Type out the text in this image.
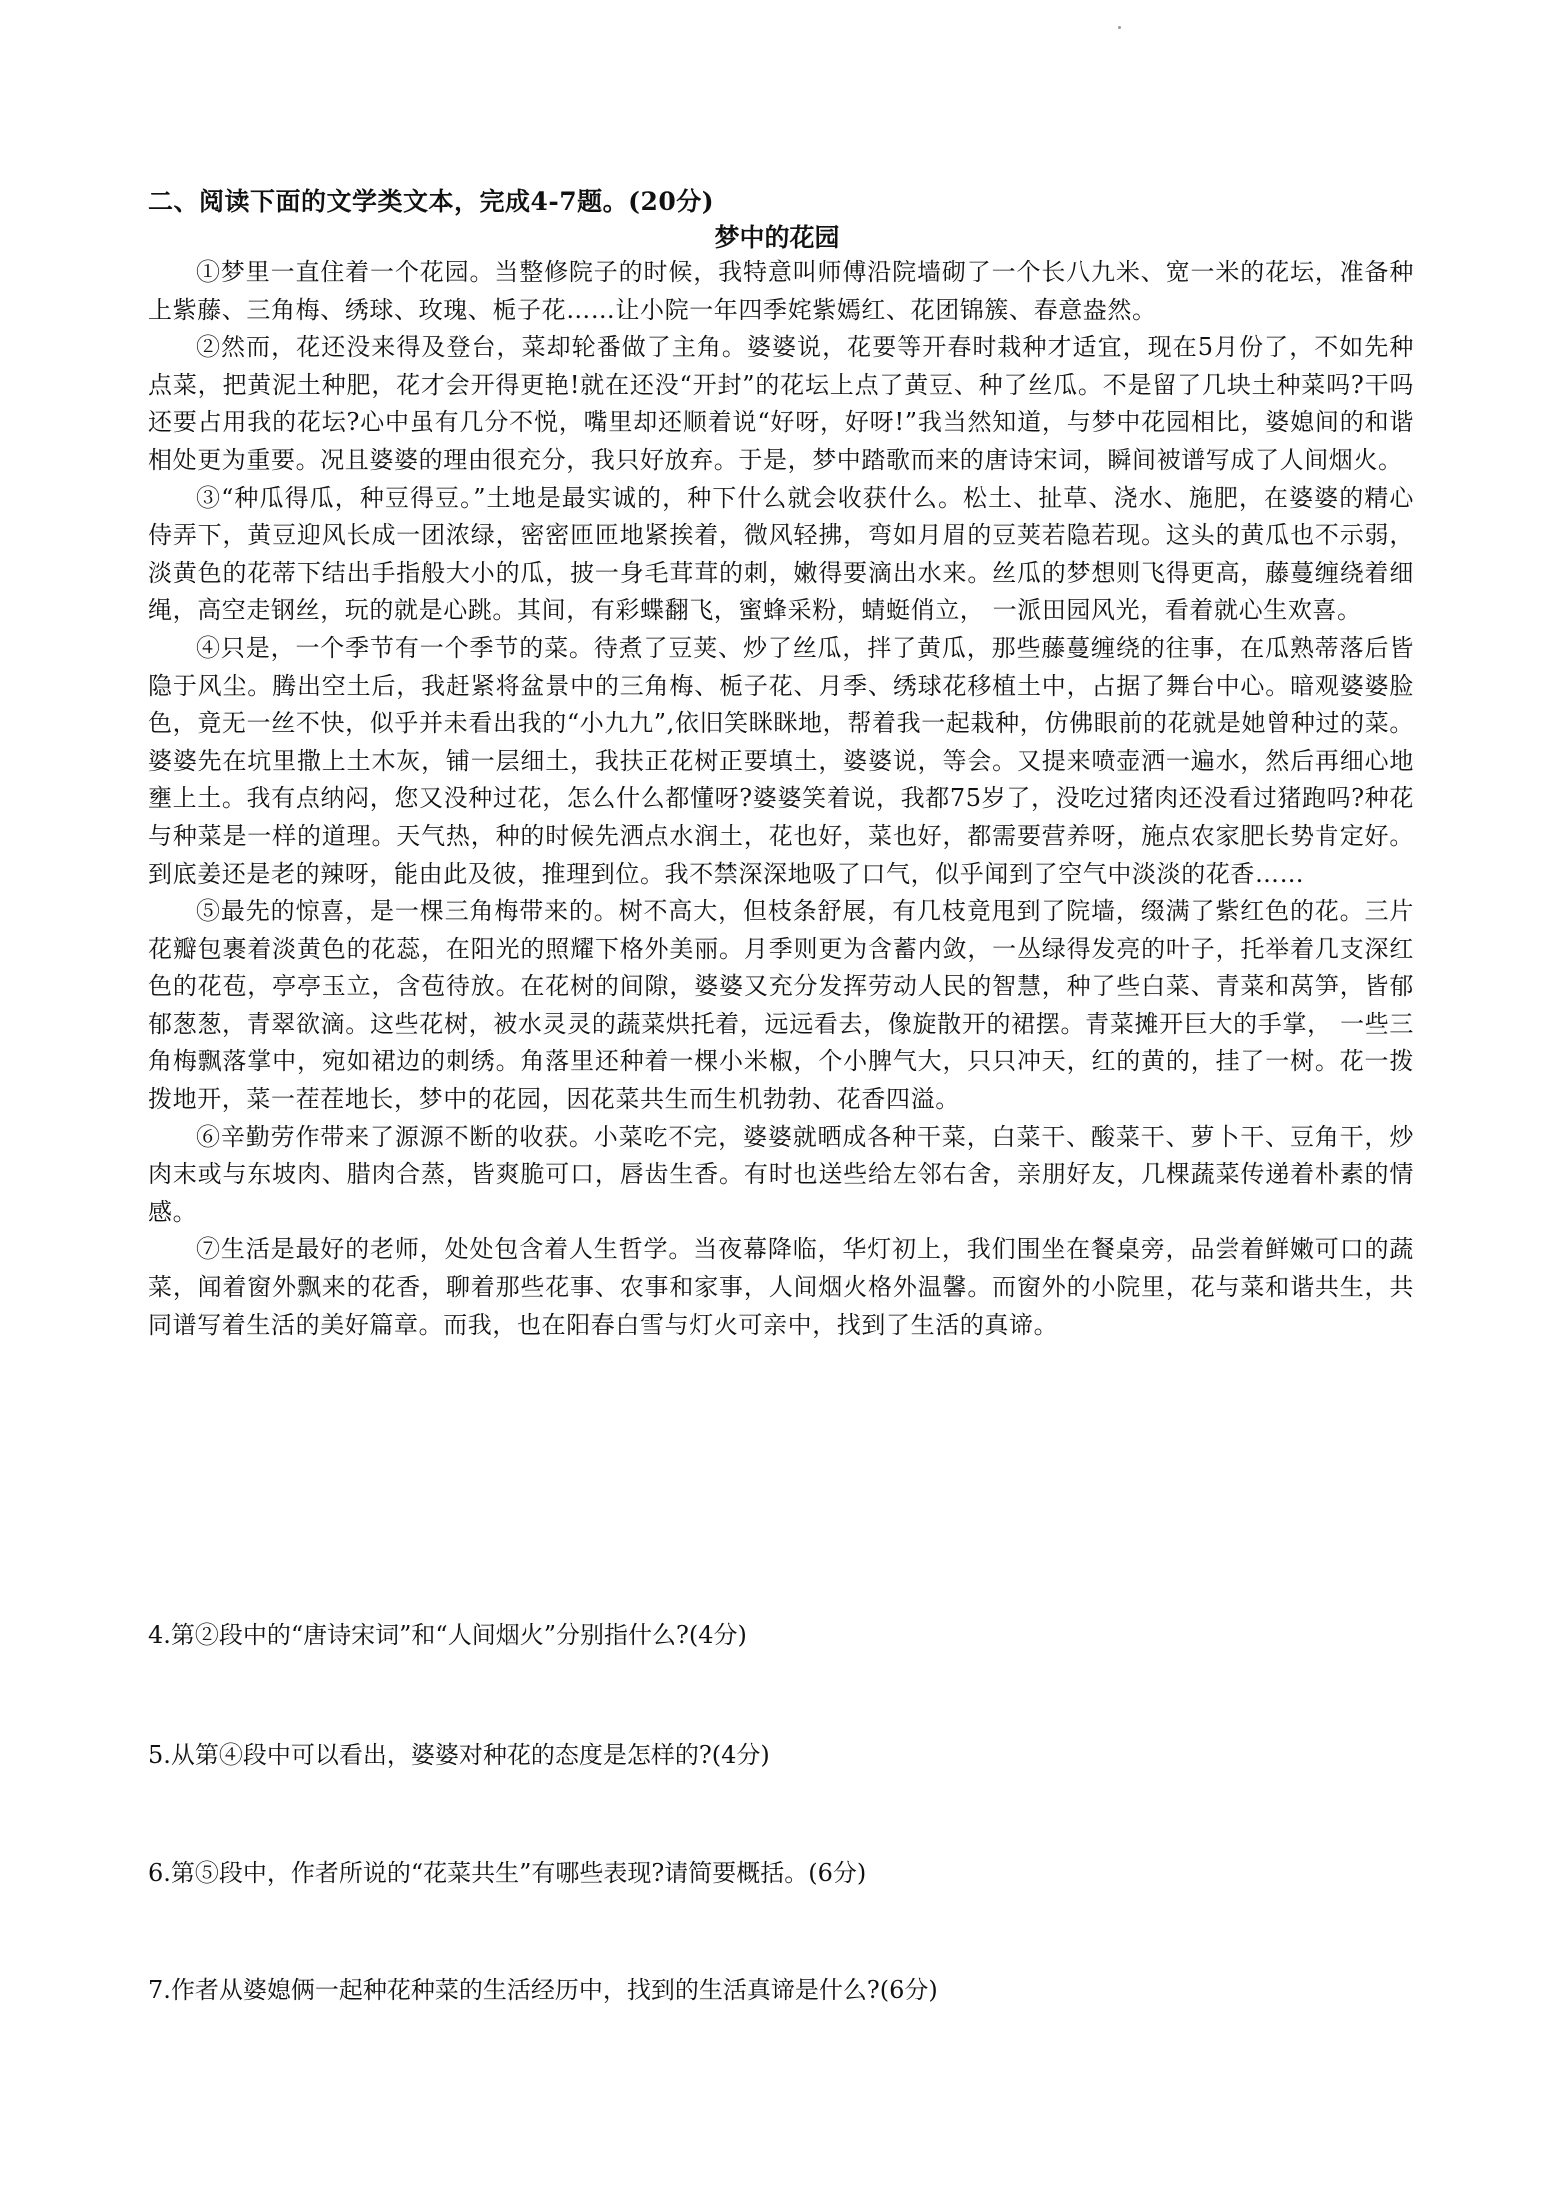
二、阅读下面的文学类文本，完成4-7题。(20分)
梦中的花园

①梦里一直住着一个花园。当整修院子的时候，我特意叫师傅沿院墙砌了一个长八九米、宽一米的花坛，准备种上紫藤、三角梅、绣球、玫瑰、栀子花……让小院一年四季姹紫嫣红、花团锦簇、春意盎然。

②然而，花还没来得及登台，菜却轮番做了主角。婆婆说，花要等开春时栽种才适宜，现在5月份了，不如先种点菜，把黄泥土种肥，花才会开得更艳!就在还没“开封”的花坛上点了黄豆、种了丝瓜。不是留了几块土种菜吗?干吗还要占用我的花坛?心中虽有几分不悦，嘴里却还顺着说“好呀，好呀!”我当然知道，与梦中花园相比，婆媳间的和谐相处更为重要。况且婆婆的理由很充分，我只好放弃。于是，梦中踏歌而来的唐诗宋词，瞬间被谱写成了人间烟火。

③“种瓜得瓜，种豆得豆。”土地是最实诚的，种下什么就会收获什么。松土、扯草、浇水、施肥，在婆婆的精心侍弄下，黄豆迎风长成一团浓绿，密密匝匝地紧挨着，微风轻拂，弯如月眉的豆荚若隐若现。这头的黄瓜也不示弱，淡黄色的花蒂下结出手指般大小的瓜，披一身毛茸茸的刺，嫩得要滴出水来。丝瓜的梦想则飞得更高，藤蔓缠绕着细绳，高空走钢丝，玩的就是心跳。其间，有彩蝶翻飞，蜜蜂采粉，蜻蜓俏立， 一派田园风光，看着就心生欢喜。

④只是，一个季节有一个季节的菜。待煮了豆荚、炒了丝瓜，拌了黄瓜，那些藤蔓缠绕的往事，在瓜熟蒂落后皆隐于风尘。腾出空土后，我赶紧将盆景中的三角梅、栀子花、月季、绣球花移植土中，占据了舞台中心。暗观婆婆脸色，竟无一丝不快，似乎并未看出我的“小九九”,依旧笑眯眯地，帮着我一起栽种，仿佛眼前的花就是她曾种过的菜。婆婆先在坑里撒上土木灰，铺一层细土，我扶正花树正要填土，婆婆说，等会。又提来喷壶洒一遍水，然后再细心地壅上土。我有点纳闷，您又没种过花，怎么什么都懂呀?婆婆笑着说，我都75岁了，没吃过猪肉还没看过猪跑吗?种花与种菜是一样的道理。天气热，种的时候先洒点水润土，花也好，菜也好，都需要营养呀，施点农家肥长势肯定好。到底姜还是老的辣呀，能由此及彼，推理到位。我不禁深深地吸了口气，似乎闻到了空气中淡淡的花香……

⑤最先的惊喜，是一棵三角梅带来的。树不高大，但枝条舒展，有几枝竟甩到了院墙，缀满了紫红色的花。三片花瓣包裹着淡黄色的花蕊，在阳光的照耀下格外美丽。月季则更为含蓄内敛，一丛绿得发亮的叶子，托举着几支深红色的花苞，亭亭玉立，含苞待放。在花树的间隙，婆婆又充分发挥劳动人民的智慧，种了些白菜、青菜和莴笋，皆郁郁葱葱，青翠欲滴。这些花树，被水灵灵的蔬菜烘托着，远远看去，像旋散开的裙摆。青菜摊开巨大的手掌， 一些三角梅飘落掌中，宛如裙边的刺绣。角落里还种着一棵小米椒，个小脾气大，只只冲天，红的黄的，挂了一树。花一拨拨地开，菜一茬茬地长，梦中的花园，因花菜共生而生机勃勃、花香四溢。

⑥辛勤劳作带来了源源不断的收获。小菜吃不完，婆婆就晒成各种干菜，白菜干、酸菜干、萝卜干、豆角干，炒肉末或与东坡肉、腊肉合蒸，皆爽脆可口，唇齿生香。有时也送些给左邻右舍，亲朋好友，几棵蔬菜传递着朴素的情感。

⑦生活是最好的老师，处处包含着人生哲学。当夜幕降临，华灯初上，我们围坐在餐桌旁，品尝着鲜嫩可口的蔬菜，闻着窗外飘来的花香，聊着那些花事、农事和家事，人间烟火格外温馨。而窗外的小院里，花与菜和谐共生，共同谱写着生活的美好篇章。而我，也在阳春白雪与灯火可亲中，找到了生活的真谛。

4.第②段中的“唐诗宋词”和“人间烟火”分别指什么?(4分)
5.从第④段中可以看出，婆婆对种花的态度是怎样的?(4分)
6.第⑤段中，作者所说的“花菜共生”有哪些表现?请简要概括。(6分)
7.作者从婆媳俩一起种花种菜的生活经历中，找到的生活真谛是什么?(6分)
